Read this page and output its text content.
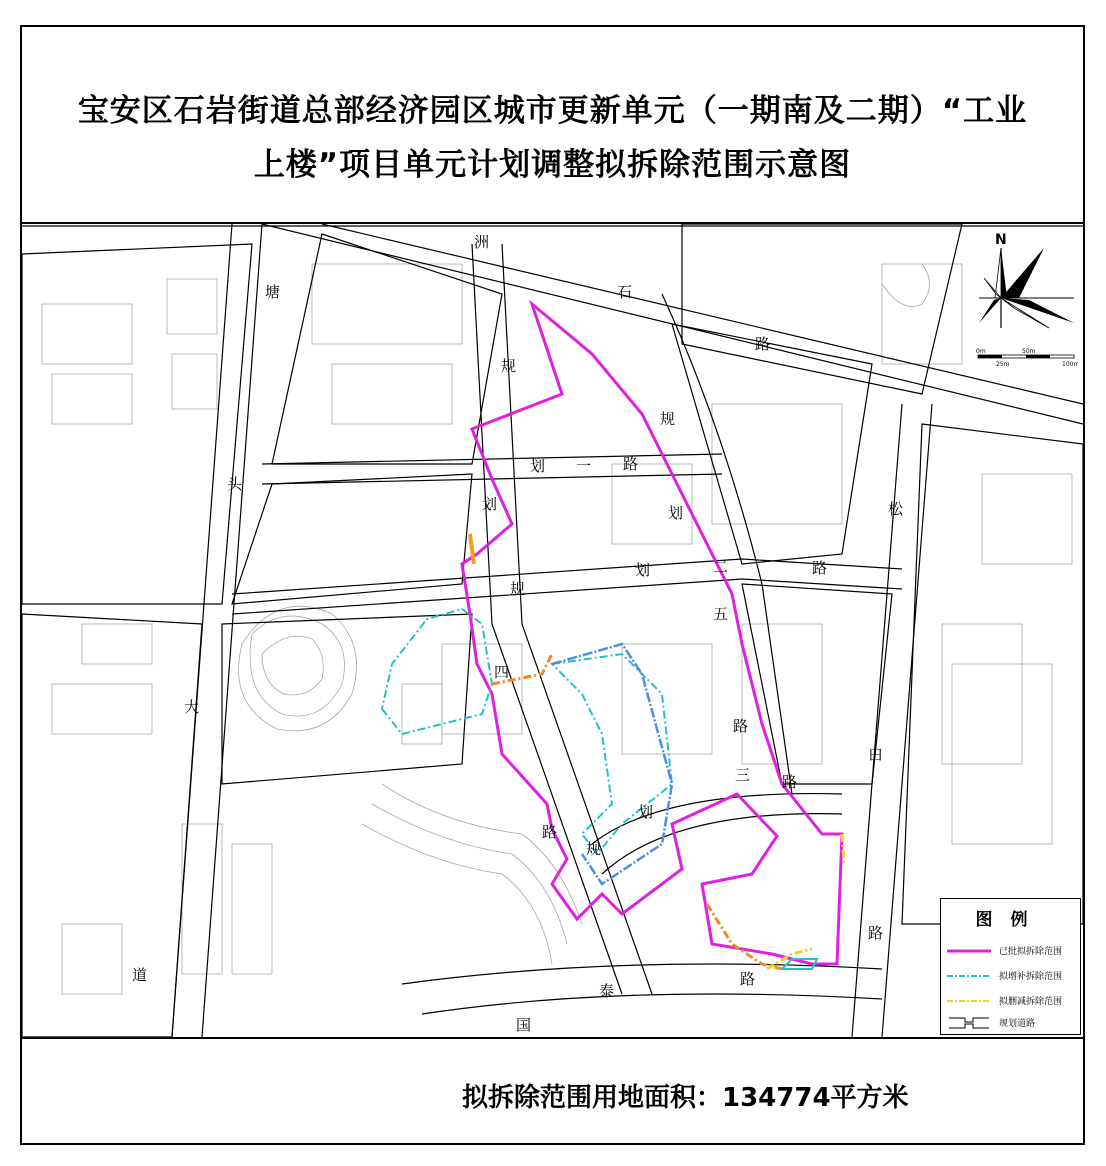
宝安区石岩街道总部经济园区城市更新单元（一期南及二期）“工业
上楼”项目单元计划调整拟拆除范围示意图
洲
石
路
塘
头
大
道
松
白
路
国
泰
路
规
划 一 路
划
规
划
二	路
规
划
五
路
划
三 路
四
规
路
N
0m	50m
25m	100m
图例
已批拟拆除范围
拟增补拆除范围
拟删减拆除范围
规划道路
拟拆除范围用地面积：134774平方米
